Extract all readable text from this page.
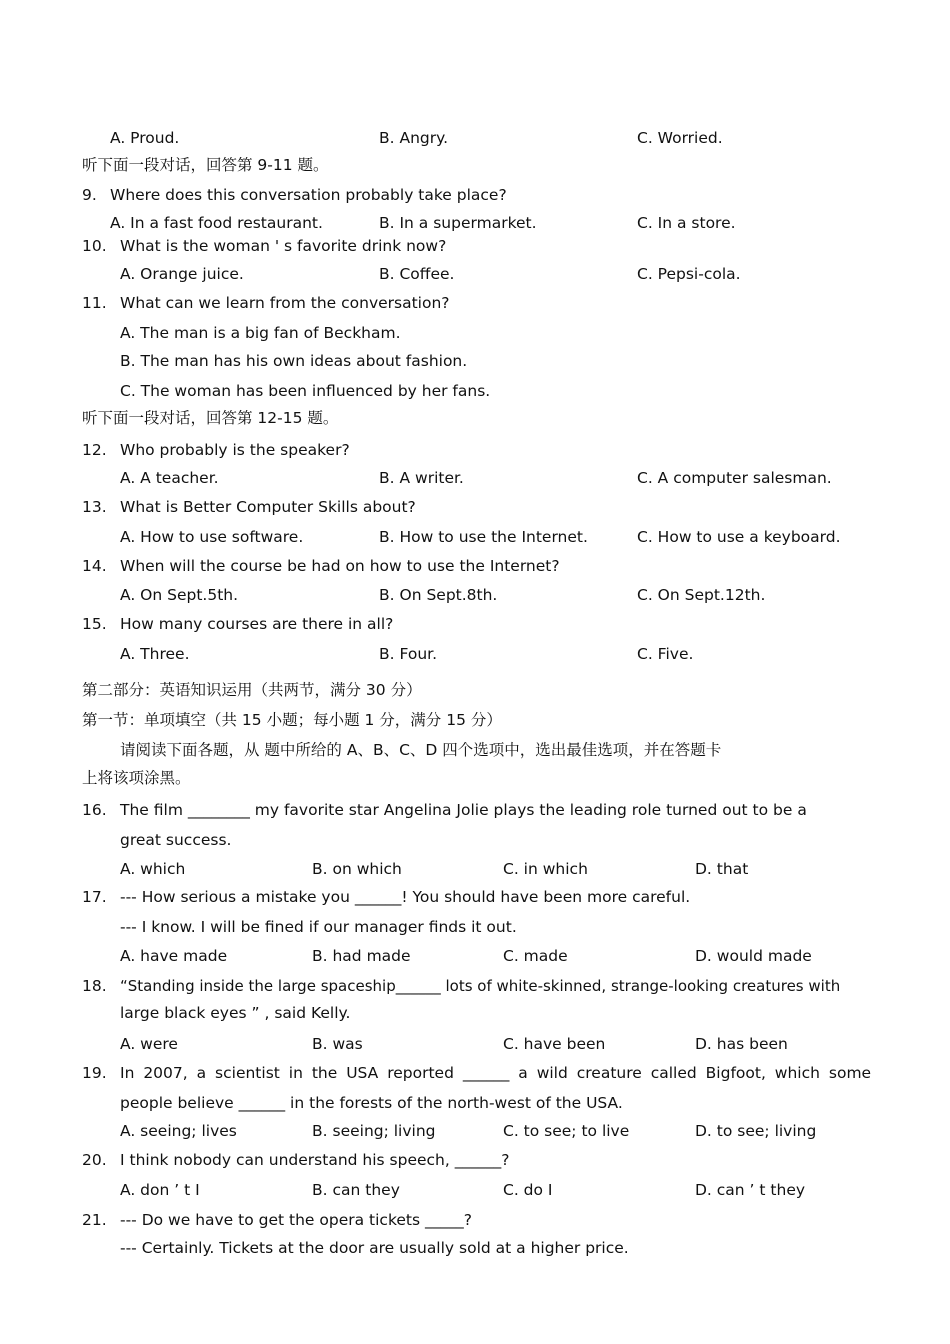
A. Proud.	B. Angry.	C. Worried.
听下面一段对话，回答第 9-11 题。
9. Where does this conversation probably take place?
A. In a fast food restaurant.	B. In a supermarket.	C. In a store.
10. What is the woman ' s favorite drink now?
A. Orange juice.	B. Coffee.	C. Pepsi-cola.
11. What can we learn from the conversation?
A. The man is a big fan of Beckham.
B. The man has his own ideas about fashion.
C. The woman has been influenced by her fans.
听下面一段对话，回答第 12-15 题。
12. Who probably is the speaker?
A. A teacher.	B. A writer.	C. A computer salesman.
13. What is Better Computer Skills about?
A. How to use software.	B. How to use the Internet.	C. How to use a keyboard.
14. When will the course be had on how to use the Internet?
A. On Sept.5th.	B. On Sept.8th.	C. On Sept.12th.
15. How many courses are there in all?
A. Three.	B. Four.	C. Five.
第二部分：英语知识运用（共两节，满分 30 分）
第一节：单项填空（共 15 小题；每小题 1 分，满分 15 分）
请阅读下面各题，从 题中所给的 A、B、C、D 四个选项中，选出最佳选项，并在答题卡
上将该项涂黑。
16. The film ________ my favorite star Angelina Jolie plays the leading role turned out to be a
great success.
A. which	B. on which	C. in which	D. that
17. --- How serious a mistake you ______! You should have been more careful.
--- I know. I will be fined if our manager finds it out.
A. have made	B. had made	C. made	D. would made
18. “Standing inside the large spaceship______ lots of white-skinned, strange-looking creatures with
large black eyes ” , said Kelly.
A. were	B. was	C. have been	D. has been
19. In 2007, a scientist in the USA reported ______ a wild creature called Bigfoot, which some
people believe ______ in the forests of the north-west of the USA.
A. seeing; lives	B. seeing; living	C. to see; to live	D. to see; living
20. I think nobody can understand his speech, ______?
A. don ’ t I	B. can they	C. do I	D. can ’ t they
21. --- Do we have to get the opera tickets _____?
--- Certainly. Tickets at the door are usually sold at a higher price.
